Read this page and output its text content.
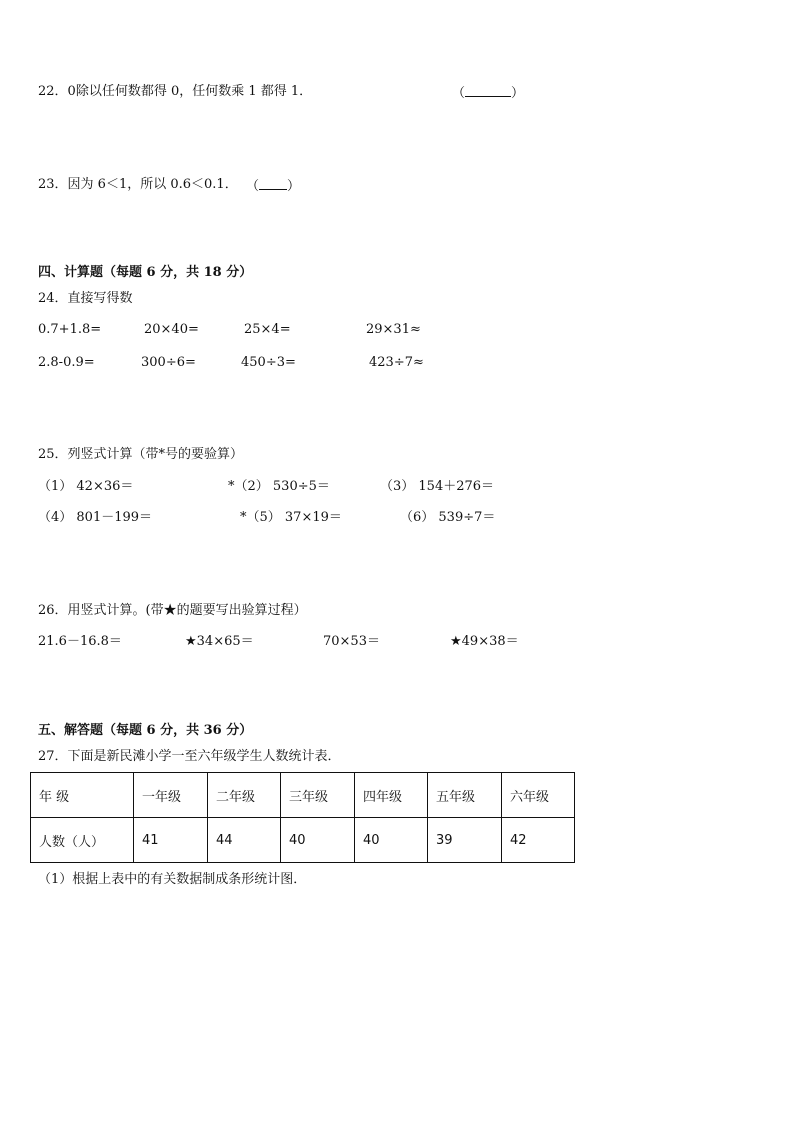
22．0除以任何数都得 0，任何数乘 1 都得 1．	（	）
23．因为 6＜1，所以 0.6＜0.1． （ ）
四、计算题（每题 6 分，共 18 分）
24．直接写得数
0.7+1.8=	20×40=	25×4=	29×31≈
2.8-0.9=	300÷6=	450÷3=	423÷7≈
25．列竖式计算（带*号的要验算）
（1） 42×36＝	*（2） 530÷5＝	（3） 154＋276＝
（4） 801－199＝	*（5） 37×19＝	（6） 539÷7＝
26．用竖式计算。(带★的题要写出验算过程）
21.6－16.8＝	★34×65＝	70×53＝	★49×38＝
五、解答题（每题 6 分，共 36 分）
27．下面是新民滩小学一至六年级学生人数统计表．
年 级	一年级	二年级	三年级	四年级	五年级	六年级
人数（人）	41	44	40	40	39	42
（1）根据上表中的有关数据制成条形统计图．
